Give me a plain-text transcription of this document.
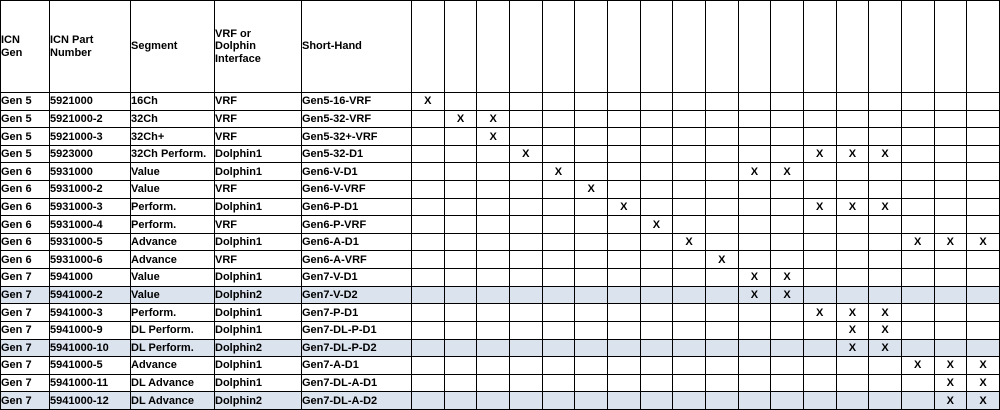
ICN
Gen	ICN Part
Number	Segment	VRF or
Dolphin
Interface	Short-Hand	Gen5-16-VRF	Gen5-32-VRF	Gen5-32+-VRF	Gen5-32Ch-D1	Gen6-V-D1	Gen6-V-VRF	Gen6-P-D1	Gen6-P-VRF	Gen6-A-D1	Gen6-A-VRF	Gen7-V-D1	Gen7-V-D2	Gen7-P-D1	Gen7-DL-P-D1	Gen7-DL-P-D2	Gen7-A-D1	Gen7-DL-A-D1	Gen7-DL-A-D2

Gen 5	5921000	16Ch	VRF	Gen5-16-VRF	X																	
Gen 5	5921000-2	32Ch	VRF	Gen5-32-VRF		X	X															
Gen 5	5921000-3	32Ch+	VRF	Gen5-32+-VRF			X															
Gen 5	5923000	32Ch Perform.	Dolphin1	Gen5-32-D1				X									X	X	X			
Gen 6	5931000	Value	Dolphin1	Gen6-V-D1					X						X	X						
Gen 6	5931000-2	Value	VRF	Gen6-V-VRF						X												
Gen 6	5931000-3	Perform.	Dolphin1	Gen6-P-D1							X						X	X	X			
Gen 6	5931000-4	Perform.	VRF	Gen6-P-VRF								X										
Gen 6	5931000-5	Advance	Dolphin1	Gen6-A-D1									X							X	X	X
Gen 6	5931000-6	Advance	VRF	Gen6-A-VRF										X								
Gen 7	5941000	Value	Dolphin1	Gen7-V-D1											X	X						
Gen 7	5941000-2	Value	Dolphin2	Gen7-V-D2											X	X						
Gen 7	5941000-3	Perform.	Dolphin1	Gen7-P-D1													X	X	X			
Gen 7	5941000-9	DL Perform.	Dolphin1	Gen7-DL-P-D1														X	X			
Gen 7	5941000-10	DL Perform.	Dolphin2	Gen7-DL-P-D2														X	X			
Gen 7	5941000-5	Advance	Dolphin1	Gen7-A-D1																X	X	X
Gen 7	5941000-11	DL Advance	Dolphin1	Gen7-DL-A-D1																	X	X
Gen 7	5941000-12	DL Advance	Dolphin2	Gen7-DL-A-D2																	X	X
